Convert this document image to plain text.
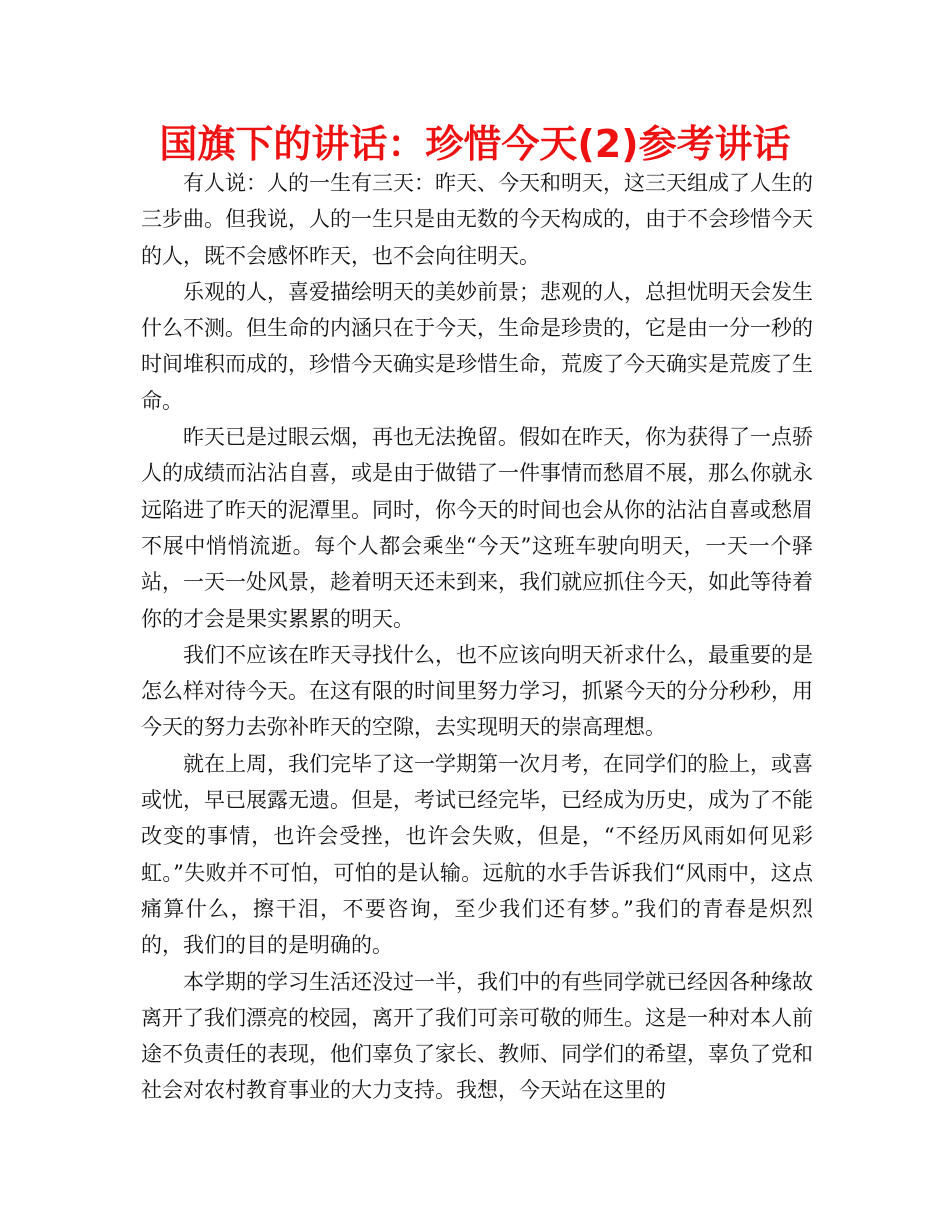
国旗下的讲话：珍惜今天(2)参考讲话

有人说：人的一生有三天：昨天、今天和明天，这三天组成了人生的三步曲。但我说，人的一生只是由无数的今天构成的，由于不会珍惜今天的人，既不会感怀昨天，也不会向往明天。

乐观的人，喜爱描绘明天的美妙前景；悲观的人，总担忧明天会发生什么不测。但生命的内涵只在于今天，生命是珍贵的，它是由一分一秒的时间堆积而成的，珍惜今天确实是珍惜生命，荒废了今天确实是荒废了生命。

昨天已是过眼云烟，再也无法挽留。假如在昨天，你为获得了一点骄人的成绩而沾沾自喜，或是由于做错了一件事情而愁眉不展，那么你就永远陷进了昨天的泥潭里。同时，你今天的时间也会从你的沾沾自喜或愁眉不展中悄悄流逝。每个人都会乘坐“今天”这班车驶向明天，一天一个驿站，一天一处风景，趁着明天还未到来，我们就应抓住今天，如此等待着你的才会是果实累累的明天。

我们不应该在昨天寻找什么，也不应该向明天祈求什么，最重要的是怎么样对待今天。在这有限的时间里努力学习，抓紧今天的分分秒秒，用今天的努力去弥补昨天的空隙，去实现明天的崇高理想。

就在上周，我们完毕了这一学期第一次月考，在同学们的脸上，或喜或忧，早已展露无遗。但是，考试已经完毕，已经成为历史，成为了不能改变的事情，也许会受挫，也许会失败，但是，“不经历风雨如何见彩虹。”失败并不可怕，可怕的是认输。远航的水手告诉我们“风雨中，这点痛算什么，擦干泪，不要咨询，至少我们还有梦。”我们的青春是炽烈的，我们的目的是明确的。

本学期的学习生活还没过一半，我们中的有些同学就已经因各种缘故离开了我们漂亮的校园，离开了我们可亲可敬的师生。这是一种对本人前途不负责任的表现，他们辜负了家长、教师、同学们的希望，辜负了党和社会对农村教育事业的大力支持。我想，今天站在这里的
